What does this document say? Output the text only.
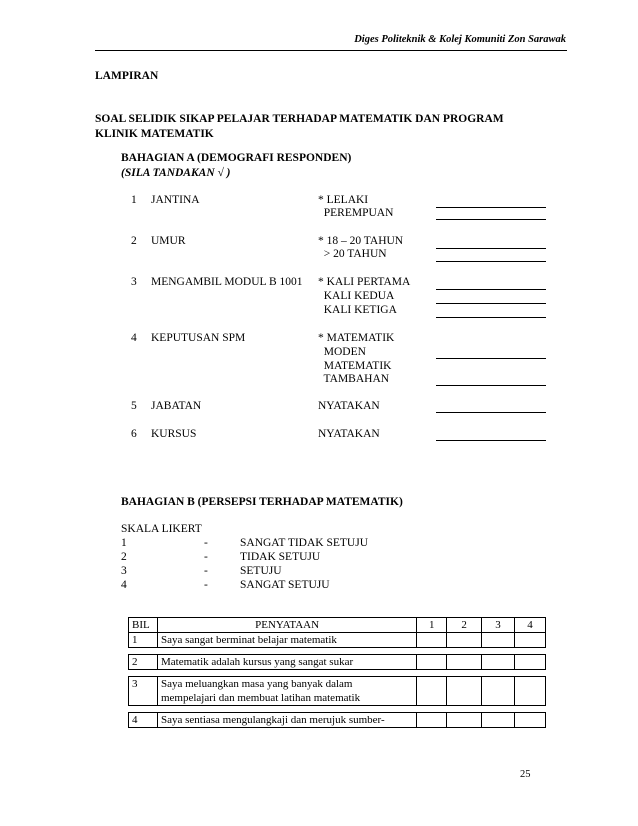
Diges Politeknik & Kolej Komuniti Zon Sarawak
LAMPIRAN
SOAL SELIDIK SIKAP PELAJAR TERHADAP MATEMATIK DAN PROGRAM
KLINIK MATEMATIK
BAHAGIAN A (DEMOGRAFI RESPONDEN)
(SILA TANDAKAN √ )
1 JANTINA	* LELAKI
PEREMPUAN
2 UMUR	* 18 – 20 TAHUN
> 20 TAHUN
3 MENGAMBIL MODUL B 1001 * KALI PERTAMA
KALI KEDUA
KALI KETIGA
4 KEPUTUSAN SPM	* MATEMATIK
MODEN
MATEMATIK
TAMBAHAN
5 JABATAN	NYATAKAN
6 KURSUS	NYATAKAN
BAHAGIAN B (PERSEPSI TERHADAP MATEMATIK)
SKALA LIKERT
1	-	SANGAT TIDAK SETUJU
2	-	TIDAK SETUJU
3	-	SETUJU
4	-	SANGAT SETUJU
BIL	PENYATAAN	1	2	3	4
1	Saya sangat berminat belajar matematik				

2	Matematik adalah kursus yang sangat sukar				

3	Saya meluangkan masa yang banyak dalam
mempelajari dan membuat latihan matematik				

4	Saya sentiasa mengulangkaji dan merujuk sumber-				
25
